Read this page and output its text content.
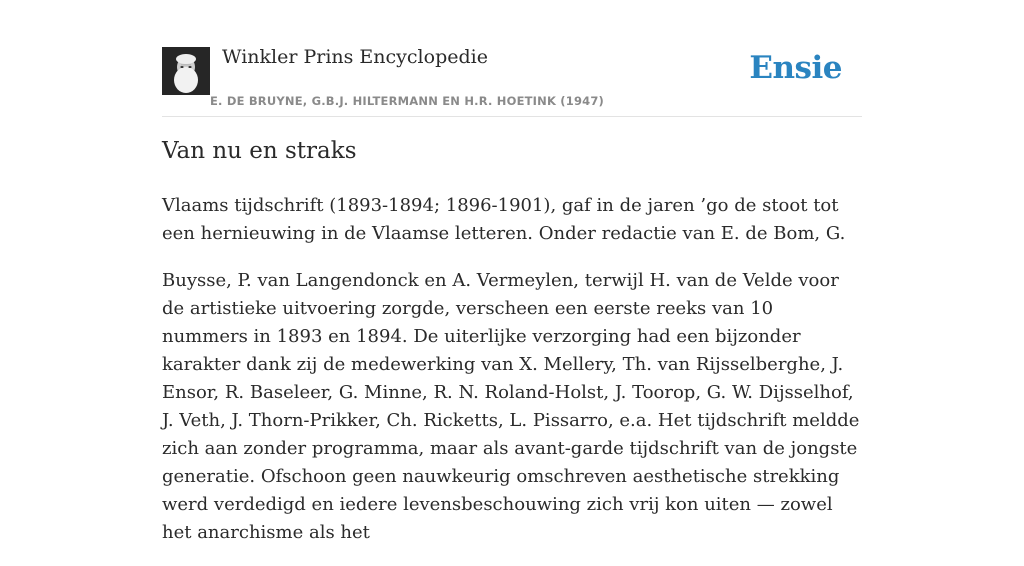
Winkler Prins Encyclopedie
E. DE BRUYNE, G.B.J. HILTERMANN EN H.R. HOETINK (1947)
Ensie
Van nu en straks

Vlaams tijdschrift (1893-1894; 1896-1901), gaf in de jaren ’go de stoot tot een hernieuwing in de Vlaamse letteren. Onder redactie van E. de Bom, G.

Buysse, P. van Langendonck en A. Vermeylen, terwijl H. van de Velde voor de artistieke uitvoering zorgde, verscheen een eerste reeks van 10 nummers in 1893 en 1894. De uiterlijke verzorging had een bijzonder karakter dank zij de medewerking van X. Mellery, Th. van Rijsselberghe, J. Ensor, R. Baseleer, G. Minne, R. N. Roland-Holst, J. Toorop, G. W. Dijsselhof, J. Veth, J. Thorn-Prikker, Ch. Ricketts, L. Pissarro, e.a. Het tijdschrift meldde zich aan zonder programma, maar als avant-garde tijdschrift van de jongste generatie. Ofschoon geen nauwkeurig omschreven aesthetische strekking werd verdedigd en iedere levensbeschouwing zich vrij kon uiten — zowel het anarchisme als het
